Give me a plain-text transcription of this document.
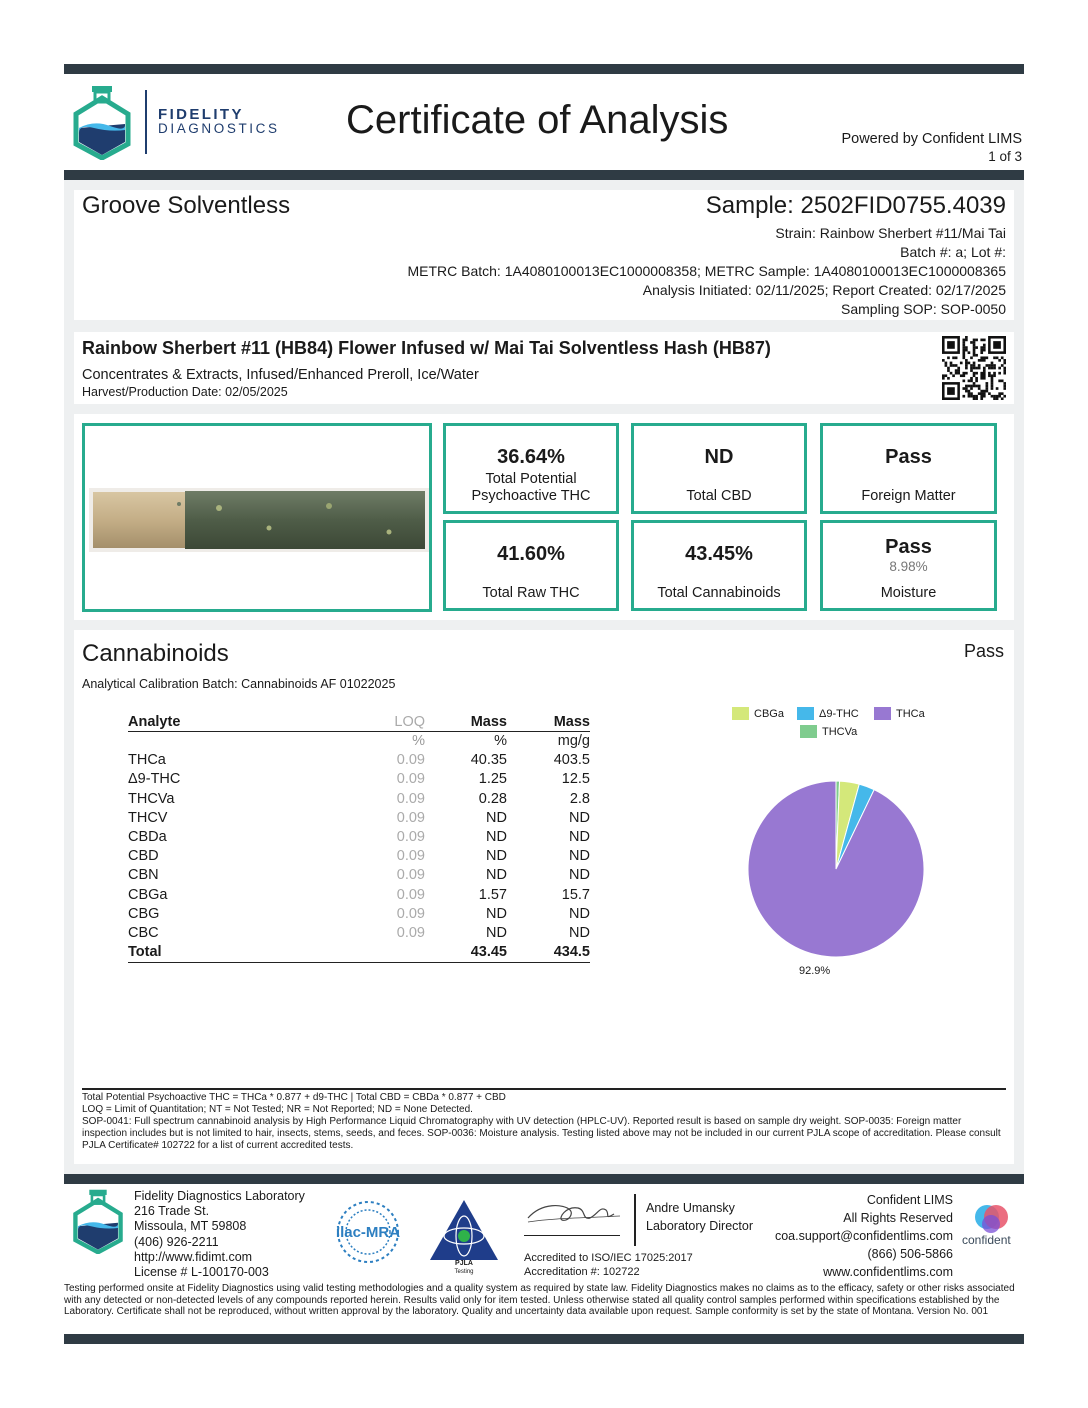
FIDELITY
DIAGNOSTICS Certificate of Analysis	Powered by Confident LIMS
1 of 3
Groove Solventless	Sample: 2502FID0755.4039
Strain: Rainbow Sherbert #11/Mai Tai
Batch #: a; Lot #:
METRC Batch: 1A4080100013EC1000008358; METRC Sample: 1A4080100013EC1000008365
Analysis Initiated: 02/11/2025; Report Created: 02/17/2025
Sampling SOP: SOP-0050
Rainbow Sherbert #11 (HB84) Flower Infused w/ Mai Tai Solventless Hash (HB87)
Concentrates & Extracts, Infused/Enhanced Preroll, Ice/Water
Harvest/Production Date: 02/05/2025
36.64%
Total Potential
Psychoactive THC
ND
Total CBD
Pass
Foreign Matter
41.60%
Total Raw THC
43.45%
Total Cannabinoids
Pass
8.98%
Moisture
Cannabinoids	Pass
Analytical Calibration Batch: Cannabinoids AF 01022025
Analyte	LOQ	Mass	Mass
	%	%	mg/g
THCa	0.09	40.35	403.5
Δ9-THC	0.09	1.25	12.5
THCVa	0.09	0.28	2.8
THCV	0.09	ND	ND
CBDa	0.09	ND	ND
CBD	0.09	ND	ND
CBN	0.09	ND	ND
CBGa	0.09	1.57	15.7
CBG	0.09	ND	ND
CBC	0.09	ND	ND
Total		43.45	434.5
CBGa	Δ9-THC	THCa
THCVa
92.9%
Total Potential Psychoactive THC = THCa * 0.877 + d9-THC | Total CBD = CBDa * 0.877 + CBD
LOQ = Limit of Quantitation; NT = Not Tested; NR = Not Reported; ND = None Detected.
SOP-0041: Full spectrum cannabinoid analysis by High Performance Liquid Chromatography with UV detection (HPLC-UV). Reported result is based on sample dry weight. SOP-0035: Foreign matter inspection includes but is not limited to hair, insects, stems, seeds, and feces. SOP-0036: Moisture analysis. Testing listed above may not be included in our current PJLA scope of accreditation. Please consult PJLA Certificate# 102722 for a list of current accredited tests.
Fidelity Diagnostics Laboratory
216 Trade St.
Missoula, MT 59808
(406) 926-2211
http://www.fidimt.com
License # L-100170-003
ilac-MRA
PJLA
Testing
Andre Umansky
Laboratory Director
Accredited to ISO/IEC 17025:2017
Accreditation #: 102722
Confident LIMS
All Rights Reserved
coa.support@confidentlims.com
(866) 506-5866
www.confidentlims.com
confident
Testing performed onsite at Fidelity Diagnostics using valid testing methodologies and a quality system as required by state law. Fidelity Diagnostics makes no claims as to the efficacy, safety or other risks associated with any detected or non-detected levels of any compounds reported herein. Results valid only for item tested. Unless otherwise stated all quality control samples performed within specifications established by the Laboratory. Certificate shall not be reproduced, without written approval by the laboratory. Quality and uncertainty data available upon request. Sample conformity is set by the state of Montana. Version No. 001
